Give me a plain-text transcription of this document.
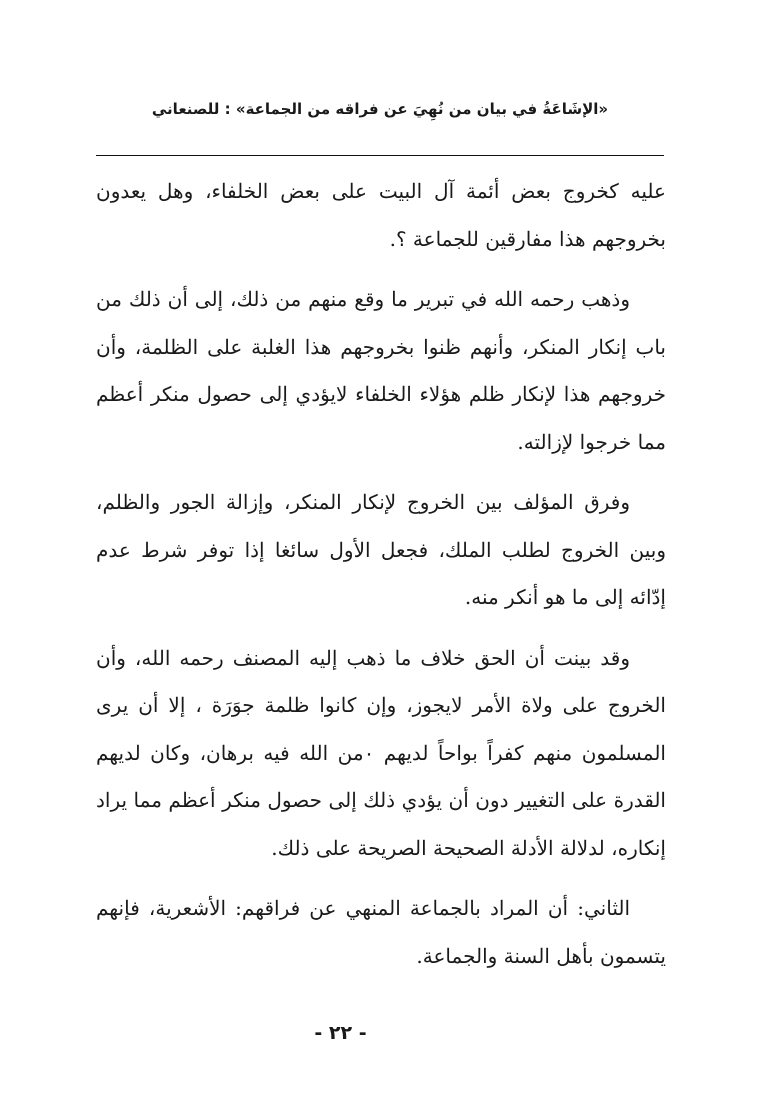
«الإشَاعَةُ في بيان من نُهِيَ عن فراقه من الجماعة» : للصنعاني

عليه كخروج بعض أئمة آل البيت على بعض الخلفاء، وهل يعدون بخروجهم هذا مفارقين للجماعة ؟.

وذهب رحمه الله في تبرير ما وقع منهم من ذلك، إلى أن ذلك من باب إنكار المنكر، وأنهم ظنوا بخروجهم هذا الغلبة على الظلمة، وأن خروجهم هذا لإنكار ظلم هؤلاء الخلفاء لايؤدي إلى حصول منكر أعظم مما خرجوا لإزالته.

وفرق المؤلف بين الخروج لإنكار المنكر، وإزالة الجور والظلم، وبين الخروج لطلب الملك، فجعل الأول سائغا إذا توفر شرط عدم إدّائه إلى ما هو أنكر منه.

وقد بينت أن الحق خلاف ما ذهب إليه المصنف رحمه الله، وأن الخروج على ولاة الأمر لايجوز، وإن كانوا ظلمة جوَرَة ، إلا أن يرى المسلمون منهم كفراً بواحاً لديهم ٠من الله فيه برهان، وكان لديهم القدرة على التغيير دون أن يؤدي ذلك إلى حصول منكر أعظم مما يراد إنكاره، لدلالة الأدلة الصحيحة الصريحة على ذلك.

الثاني: أن المراد بالجماعة المنهي عن فراقهم: الأشعرية، فإنهم يتسمون بأهل السنة والجماعة.

- ٢٢ -
